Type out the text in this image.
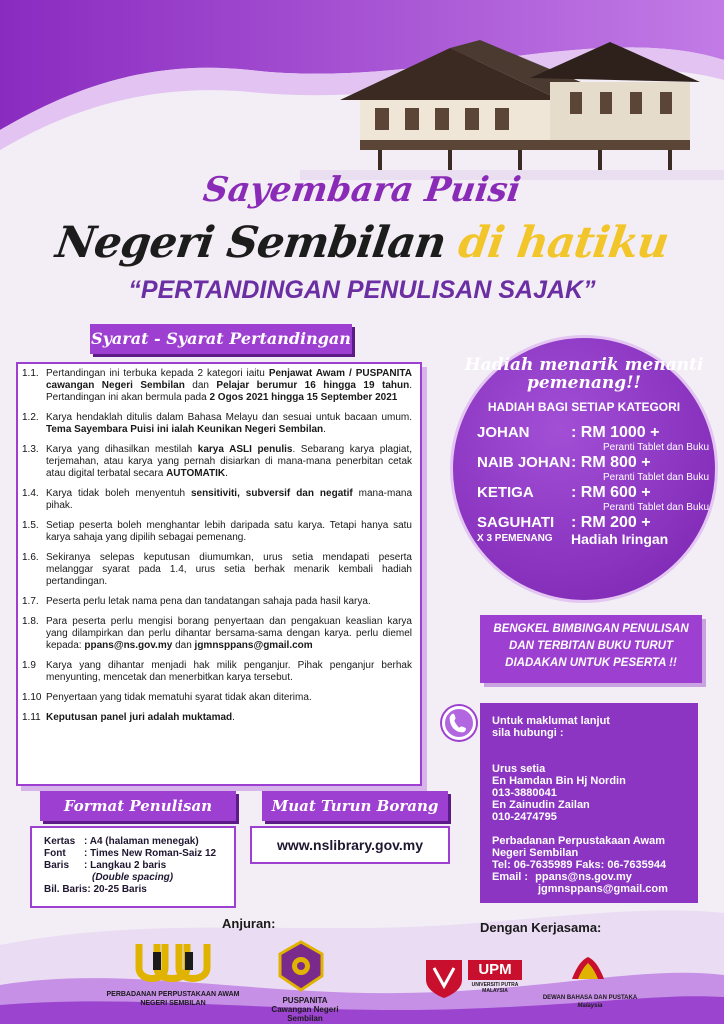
Sayembara Puisi
Negeri Sembilan di hatiku
“PERTANDINGAN PENULISAN SAJAK”
Syarat - Syarat Pertandingan
1.1. Pertandingan ini terbuka kepada 2 kategori iaitu Penjawat Awam / PUSPANITA cawangan Negeri Sembilan dan Pelajar berumur 16 hingga 19 tahun. Pertandingan ini akan bermula pada 2 Ogos 2021 hingga 15 September 2021
1.2. Karya hendaklah ditulis dalam Bahasa Melayu dan sesuai untuk bacaan umum. Tema Sayembara Puisi ini ialah Keunikan Negeri Sembilan.
1.3. Karya yang dihasilkan mestilah karya ASLI penulis. Sebarang karya plagiat, terjemahan, atau karya yang pernah disiarkan di mana-mana penerbitan cetak atau digital terbatal secara AUTOMATIK.
1.4. Karya tidak boleh menyentuh sensitiviti, subversif dan negatif mana-mana pihak.
1.5. Setiap peserta boleh menghantar lebih daripada satu karya. Tetapi hanya satu karya sahaja yang dipilih sebagai pemenang.
1.6. Sekiranya selepas keputusan diumumkan, urus setia mendapati peserta melanggar syarat pada 1.4, urus setia berhak menarik kembali hadiah pertandingan.
1.7. Peserta perlu letak nama pena dan tandatangan sahaja pada hasil karya.
1.8. Para peserta perlu mengisi borang penyertaan dan pengakuan keaslian karya yang dilampirkan dan perlu dihantar bersama-sama dengan karya. perlu diemel kepada: ppans@ns.gov.my dan jgmnsppans@gmail.com
1.9	Karya yang dihantar menjadi hak milik penganjur. Pihak penganjur berhak menyunting, mencetak dan menerbitkan karya tersebut.
1.10 Penyertaan yang tidak mematuhi syarat tidak akan diterima.
1.11 Keputusan panel juri adalah muktamad.
Hadiah menarik menanti pemenang!!
HADIAH BAGI SETIAP KATEGORI
JOHAN	: RM 1000 +
Peranti Tablet dan Buku
NAIB JOHAN : RM 800 +
Peranti Tablet dan Buku
KETIGA	: RM 600 +
Peranti Tablet dan Buku
SAGUHATI	: RM 200 +
Hadiah Iringan
X 3 PEMENANG
BENGKEL BIMBINGAN PENULISAN
DAN TERBITAN BUKU TURUT
DIADAKAN UNTUK PESERTA !!

Untuk maklumat lanjut

sila hubungi :

Urus setia

En Hamdan Bin Hj Nordin

013-3880041

En Zainudin Zailan

010-2474795

Perbadanan Perpustakaan Awam

Negeri Sembilan

Tel: 06-7635989 Faks: 06-7635944

Email : ppans@ns.gov.my

jgmnsppans@gmail.com

Format Penulisan	Muat Turun Borang
Kertas : A4 (halaman menegak)
Font	: Times New Roman-Saiz 12
Baris	: Langkau 2 baris
(Double spacing)
Bil. Baris : 20-25 Baris
www.nslibrary.gov.my
Anjuran:	Dengan Kerjasama:
PERBADANAN PERPUSTAKAAN AWAM
NEGERI SEMBILAN	PUSPANITA
Cawangan Negeri Sembilan
UPM
UNIVERSITI PUTRA MALAYSIA
DEWAN BAHASA DAN PUSTAKA
Malaysia
